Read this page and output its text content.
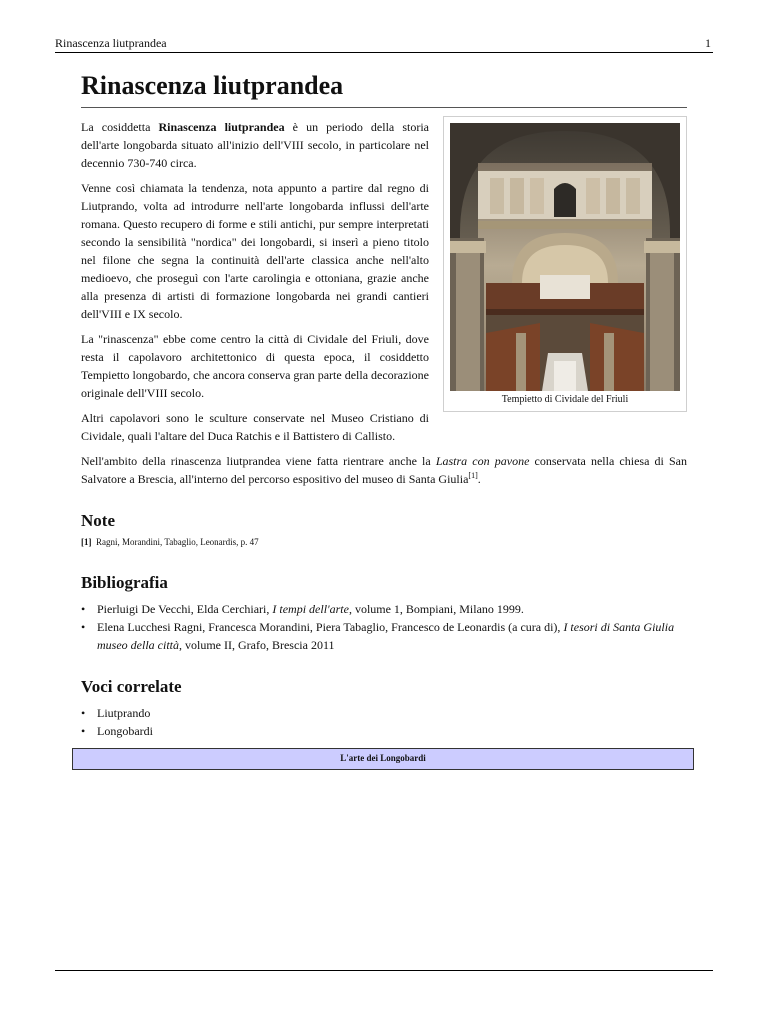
Rinascenza liutprandea	1
Rinascenza liutprandea
Tempietto di Cividale del Friuli

La cosiddetta Rinascenza liutprandea è un periodo della storia dell'arte longobarda situato all'inizio dell'VIII secolo, in particolare nel decennio 730-740 circa.

Venne così chiamata la tendenza, nota appunto a partire dal regno di Liutprando, volta ad introdurre nell'arte longobarda influssi dell'arte romana. Questo recupero di forme e stili antichi, pur sempre interpretati secondo la sensibilità "nordica" dei longobardi, si inserì a pieno titolo nel filone che segna la continuità dell'arte classica anche nell'alto medioevo, che proseguì con l'arte carolingia e ottoniana, grazie anche alla presenza di artisti di formazione longobarda nei grandi cantieri dell'VIII e IX secolo.

La "rinascenza" ebbe come centro la città di Cividale del Friuli, dove resta il capolavoro architettonico di questa epoca, il cosiddetto Tempietto longobardo, che ancora conserva gran parte della decorazione originale dell'VIII secolo.

Altri capolavori sono le sculture conservate nel Museo Cristiano di Cividale, quali l'altare del Duca Ratchis e il Battistero di Callisto.

Nell'ambito della rinascenza liutprandea viene fatta rientrare anche la Lastra con pavone conservata nella chiesa di San Salvatore a Brescia, all'interno del percorso espositivo del museo di Santa Giulia[1].

Note
[1] Ragni, Morandini, Tabaglio, Leonardis, p. 47
Bibliografia
• Pierluigi De Vecchi, Elda Cerchiari, I tempi dell'arte, volume 1, Bompiani, Milano 1999.
• Elena Lucchesi Ragni, Francesca Morandini, Piera Tabaglio, Francesco de Leonardis (a cura di), I tesori di Santa Giulia museo della città, volume II, Grafo, Brescia 2011
Voci correlate
• Liutprando
• Longobardi
L'arte dei Longobardi
